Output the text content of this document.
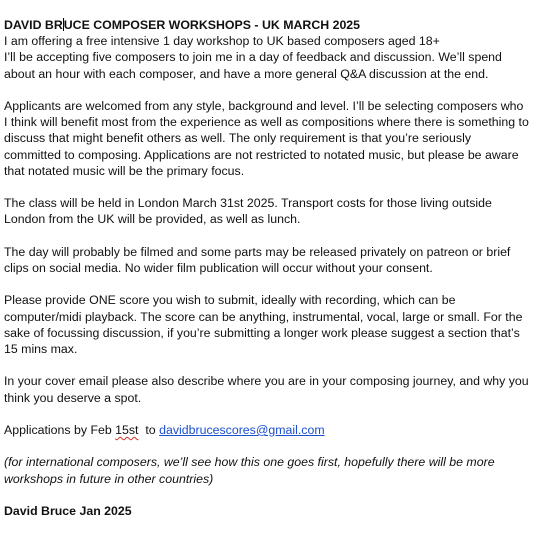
DAVID BRUCE COMPOSER WORKSHOPS - UK MARCH 2025

I am offering a free intensive 1 day workshop to UK based composers aged 18+

I’ll be accepting five composers to join me in a day of feedback and discussion. We’ll spend

about an hour with each composer, and have a more general Q&A discussion at the end.

Applicants are welcomed from any style, background and level. I’ll be selecting composers who

I think will benefit most from the experience as well as compositions where there is something to

discuss that might benefit others as well. The only requirement is that you’re seriously

committed to composing. Applications are not restricted to notated music, but please be aware

that notated music will be the primary focus.

The class will be held in London March 31st 2025. Transport costs for those living outside

London from the UK will be provided, as well as lunch.

The day will probably be filmed and some parts may be released privately on patreon or brief

clips on social media. No wider film publication will occur without your consent.

Please provide ONE score you wish to submit, ideally with recording, which can be

computer/midi playback. The score can be anything, instrumental, vocal, large or small. For the

sake of focussing discussion, if you’re submitting a longer work please suggest a section that’s

15 mins max.

In your cover email please also describe where you are in your composing journey, and why you

think you deserve a spot.

Applications by Feb 15st  to davidbrucescores@gmail.com

(for international composers, we’ll see how this one goes first, hopefully there will be more

workshops in future in other countries)

David Bruce Jan 2025
